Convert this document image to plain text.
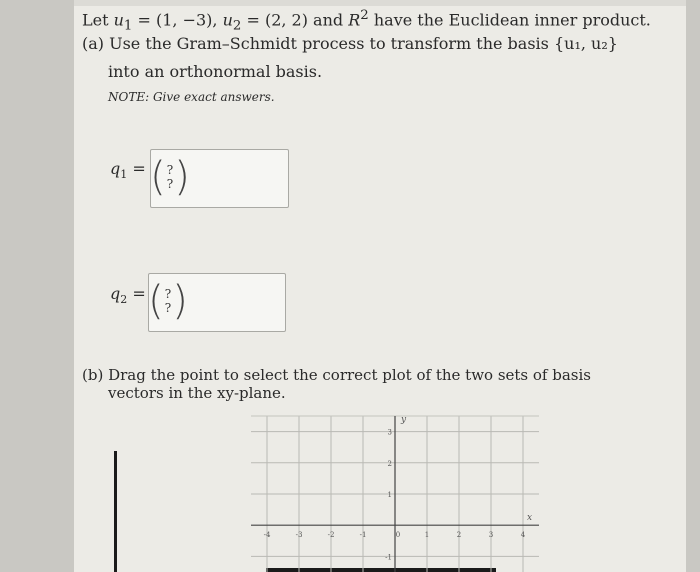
Let $u_1 = (1$, −3), $u_2 = (2$, 2) and $R^2$ have the Euclidean inner product.
(a) Use the Gram–Schmidt process to transform the basis {u₁, u₂}
into an orthonormal basis.
NOTE: Give exact answers.
$q_1$ = ( ?
? )
$q_2$ = ( ?
? )
(b) Drag the point to select the correct plot of the two sets of basis
vectors in the xy-plane.
-4	-3	-2	-1	0	1	2	3	4
3
2
1
-1
x
y
